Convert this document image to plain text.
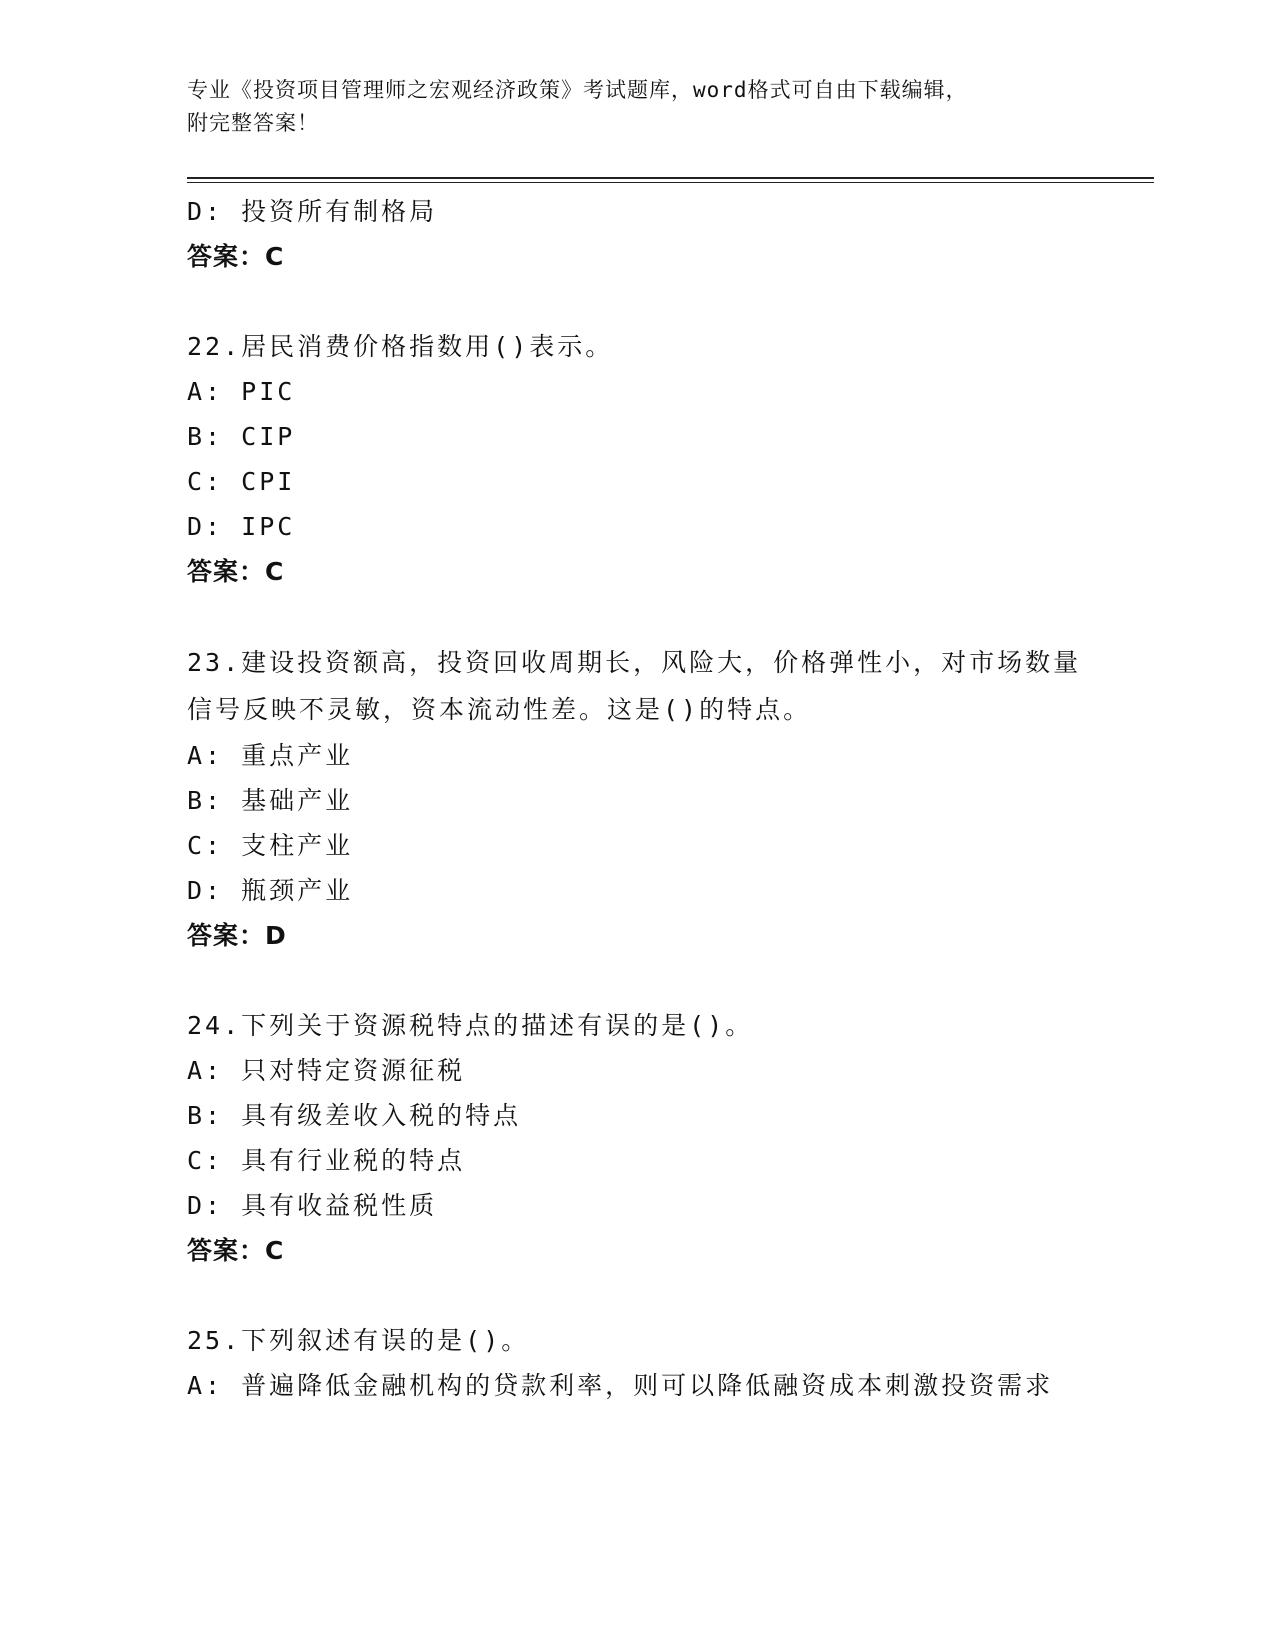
专业《投资项目管理师之宏观经济政策》考试题库，word格式可自由下载编辑，
附完整答案！
D: 投资所有制格局
答案：C
22.居民消费价格指数用()表示。
A: PIC
B: CIP
C: CPI
D: IPC
答案：C
23.建设投资额高，投资回收周期长，风险大，价格弹性小，对市场数量信号反映不灵敏，资本流动性差。这是()的特点。
A: 重点产业
B: 基础产业
C: 支柱产业
D: 瓶颈产业
答案：D
24.下列关于资源税特点的描述有误的是()。
A: 只对特定资源征税
B: 具有级差收入税的特点
C: 具有行业税的特点
D: 具有收益税性质
答案：C
25.下列叙述有误的是()。
A: 普遍降低金融机构的贷款利率，则可以降低融资成本刺激投资需求
